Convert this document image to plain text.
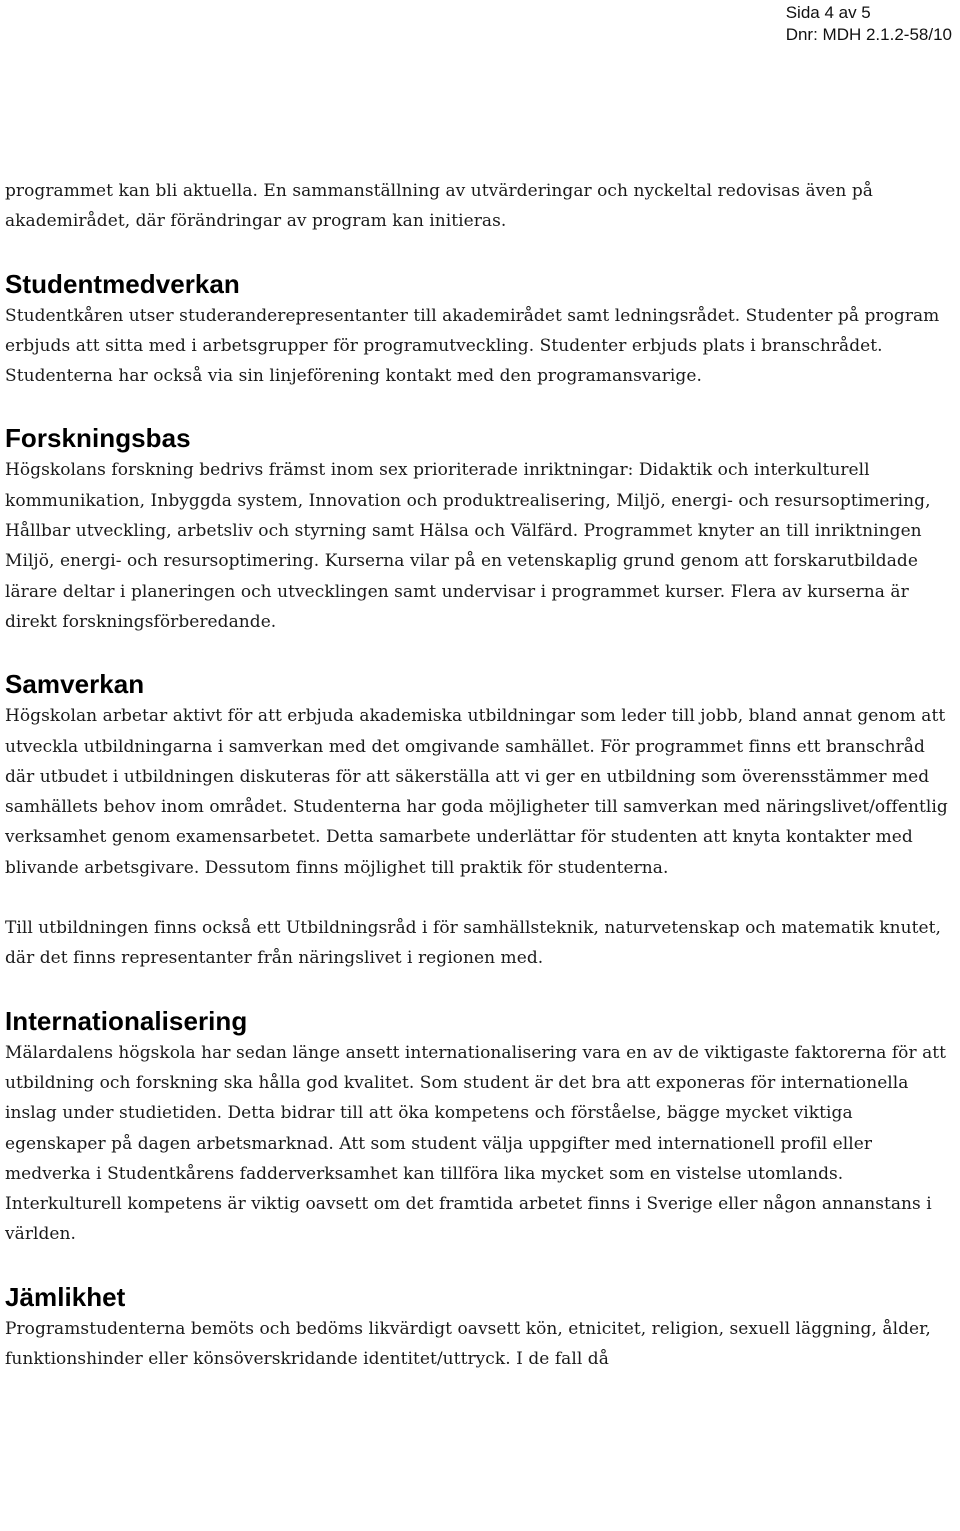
Sida 4 av 5
Dnr: MDH 2.1.2-58/10

programmet kan bli aktuella. En sammanställning av utvärderingar och nyckeltal redovisas även på akademirådet, där förändringar av program kan initieras.

Studentmedverkan

Studentkåren utser studeranderepresentanter till akademirådet samt ledningsrådet. Studenter på program erbjuds att sitta med i arbetsgrupper för programutveckling. Studenter erbjuds plats i branschrådet. Studenterna har också via sin linjeförening kontakt med den programansvarige.

Forskningsbas

Högskolans forskning bedrivs främst inom sex prioriterade inriktningar: Didaktik och interkulturell kommunikation, Inbyggda system, Innovation och produktrealisering, Miljö, energi- och resursoptimering, Hållbar utveckling, arbetsliv och styrning samt Hälsa och Välfärd. Programmet knyter an till inriktningen Miljö, energi- och resursoptimering. Kurserna vilar på en vetenskaplig grund genom att forskarutbildade lärare deltar i planeringen och utvecklingen samt undervisar i programmet kurser. Flera av kurserna är direkt forskningsförberedande.

Samverkan

Högskolan arbetar aktivt för att erbjuda akademiska utbildningar som leder till jobb, bland annat genom att utveckla utbildningarna i samverkan med det omgivande samhället. För programmet finns ett branschråd där utbudet i utbildningen diskuteras för att säkerställa att vi ger en utbildning som överensstämmer med samhällets behov inom området. Studenterna har goda möjligheter till samverkan med näringslivet/offentlig verksamhet genom examensarbetet. Detta samarbete underlättar för studenten att knyta kontakter med blivande arbetsgivare. Dessutom finns möjlighet till praktik för studenterna.

Till utbildningen finns också ett Utbildningsråd i för samhällsteknik, naturvetenskap och matematik knutet, där det finns representanter från näringslivet i regionen med.

Internationalisering

Mälardalens högskola har sedan länge ansett internationalisering vara en av de viktigaste faktorerna för att utbildning och forskning ska hålla god kvalitet. Som student är det bra att exponeras för internationella inslag under studietiden. Detta bidrar till att öka kompetens och förståelse, bägge mycket viktiga egenskaper på dagen arbetsmarknad. Att som student välja uppgifter med internationell profil eller medverka i Studentkårens fadderverksamhet kan tillföra lika mycket som en vistelse utomlands. Interkulturell kompetens är viktig oavsett om det framtida arbetet finns i Sverige eller någon annanstans i världen.

Jämlikhet

Programstudenterna bemöts och bedöms likvärdigt oavsett kön, etnicitet, religion, sexuell läggning, ålder, funktionshinder eller könsöverskridande identitet/uttryck. I de fall då
